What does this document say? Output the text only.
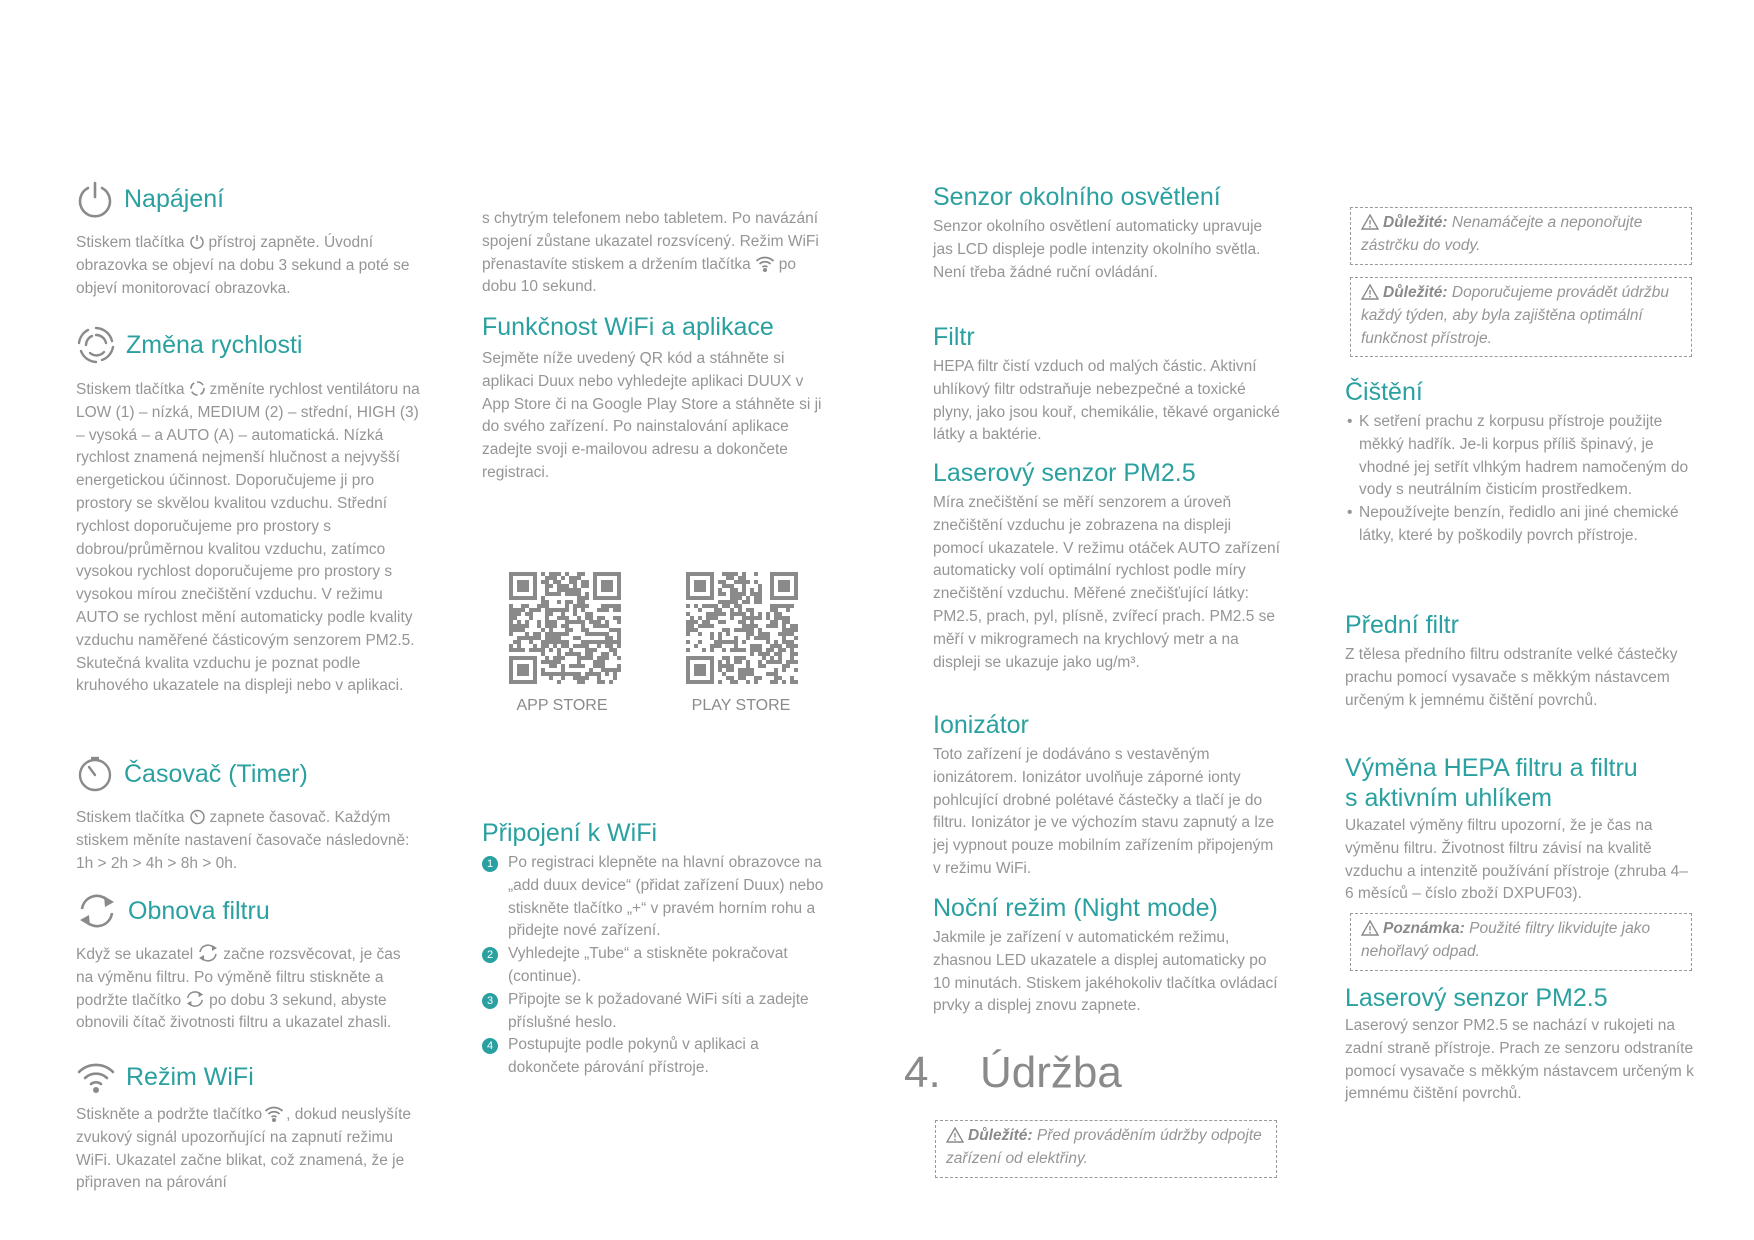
Napájení

Stiskem tlačítka přístroj zapněte. Úvodní obrazovka se objeví na dobu 3 sekund a poté se objeví monitorovací obrazovka.

Změna rychlosti

Stiskem tlačítka změníte rychlost ventilátoru na LOW (1) – nízká, MEDIUM (2) – střední, HIGH (3) – vysoká – a AUTO (A) – automatická. Nízká rychlost znamená nejmenší hlučnost a nejvyšší energetickou účinnost. Doporučujeme ji pro prostory se skvělou kvalitou vzduchu. Střední rychlost doporučujeme pro prostory s dobrou/průměrnou kvalitou vzduchu, zatímco vysokou rychlost doporučujeme pro prostory s vysokou mírou znečištění vzduchu. V režimu AUTO se rychlost mění automaticky podle kvality vzduchu naměřené částicovým senzorem PM2.5. Skutečná kvalita vzduchu je poznat podle kruhového ukazatele na displeji nebo v aplikaci.

Časovač (Timer)

Stiskem tlačítka zapnete časovač. Každým stiskem měníte nastavení časovače následovně: 1h > 2h > 4h > 8h > 0h.

Obnova filtru

Když se ukazatel začne rozsvěcovat, je čas na výměnu filtru. Po výměně filtru stiskněte a podržte tlačítko po dobu 3 sekund, abyste obnovili čítač životnosti filtru a ukazatel zhasli.

Režim WiFi

Stiskněte a podržte tlačítko , dokud neuslyšíte zvukový signál upozorňující na zapnutí režimu WiFi. Ukazatel začne blikat, což znamená, že je připraven na párování

s chytrým telefonem nebo tabletem. Po navázání spojení zůstane ukazatel rozsvícený. Režim WiFi přenastavíte stiskem a držením tlačítka po dobu 10 sekund.

Funkčnost WiFi a aplikace

Sejměte níže uvedený QR kód a stáhněte si aplikaci Duux nebo vyhledejte aplikaci DUUX v App Store či na Google Play Store a stáhněte si ji do svého zařízení. Po nainstalování aplikace zadejte svoji e-mailovou adresu a dokončete registraci.

APP STORE	PLAY STORE
Připojení k WiFi
1 Po registraci klepněte na hlavní obrazovce na „add duux device“ (přidat zařízení Duux) nebo stiskněte tlačítko „+“ v pravém horním rohu a přidejte nové zařízení.
2 Vyhledejte „Tube“ a stiskněte pokračovat (continue).
3 Připojte se k požadované WiFi síti a zadejte příslušné heslo.
4 Postupujte podle pokynů v aplikaci a dokončete párování přístroje.
Senzor okolního osvětlení

Senzor okolního osvětlení automaticky upravuje jas LCD displeje podle intenzity okolního světla. Není třeba žádné ruční ovládání.

Filtr

HEPA filtr čistí vzduch od malých částic. Aktivní uhlíkový filtr odstraňuje nebezpečné a toxické plyny, jako jsou kouř, chemikálie, těkavé organické látky a baktérie.

Laserový senzor PM2.5

Míra znečištění se měří senzorem a úroveň znečištění vzduchu je zobrazena na displeji pomocí ukazatele. V režimu otáček AUTO zařízení automaticky volí optimální rychlost podle míry znečištění vzduchu. Měřené znečišťující látky: PM2.5, prach, pyl, plísně, zvířecí prach. PM2.5 se měří v mikrogramech na krychlový metr a na displeji se ukazuje jako ug/m³.

Ionizátor

Toto zařízení je dodáváno s vestavěným ionizátorem. Ionizátor uvolňuje záporné ionty pohlcující drobné polétavé částečky a tlačí je do filtru. Ionizátor je ve výchozím stavu zapnutý a lze jej vypnout pouze mobilním zařízením připojeným v režimu WiFi.

Noční režim (Night mode)

Jakmile je zařízení v automatickém režimu, zhasnou LED ukazatele a displej automaticky po 10 minutách. Stiskem jakéhokoliv tlačítka ovládací prvky a displej znovu zapnete.

4. Údržba
Důležité: Před prováděním údržby odpojte zařízení od elektřiny.
Důležité: Nenamáčejte a neponořujte zástrčku do vody.
Důležité: Doporučujeme provádět údržbu každý týden, aby byla zajištěna optimální funkčnost přístroje.
Čištění
• K setření prachu z korpusu přístroje použijte měkký hadřík. Je-li korpus příliš špinavý, je vhodné jej setřít vlhkým hadrem namočeným do vody s neutrálním čisticím prostředkem.
• Nepoužívejte benzín, ředidlo ani jiné chemické látky, které by poškodily povrch přístroje.
Přední filtr

Z tělesa předního filtru odstraníte velké částečky prachu pomocí vysavače s měkkým nástavcem určeným k jemnému čištění povrchů.

Výměna HEPA filtru a filtru
s aktivním uhlíkem

Ukazatel výměny filtru upozorní, že je čas na výměnu filtru. Životnost filtru závisí na kvalitě vzduchu a intenzitě používání přístroje (zhruba 4–6 měsíců – číslo zboží DXPUF03).

Poznámka: Použité filtry likvidujte jako nehořlavý odpad.
Laserový senzor PM2.5

Laserový senzor PM2.5 se nachází v rukojeti na zadní straně přístroje. Prach ze senzoru odstraníte pomocí vysavače s měkkým nástavcem určeným k jemnému čištění povrchů.
